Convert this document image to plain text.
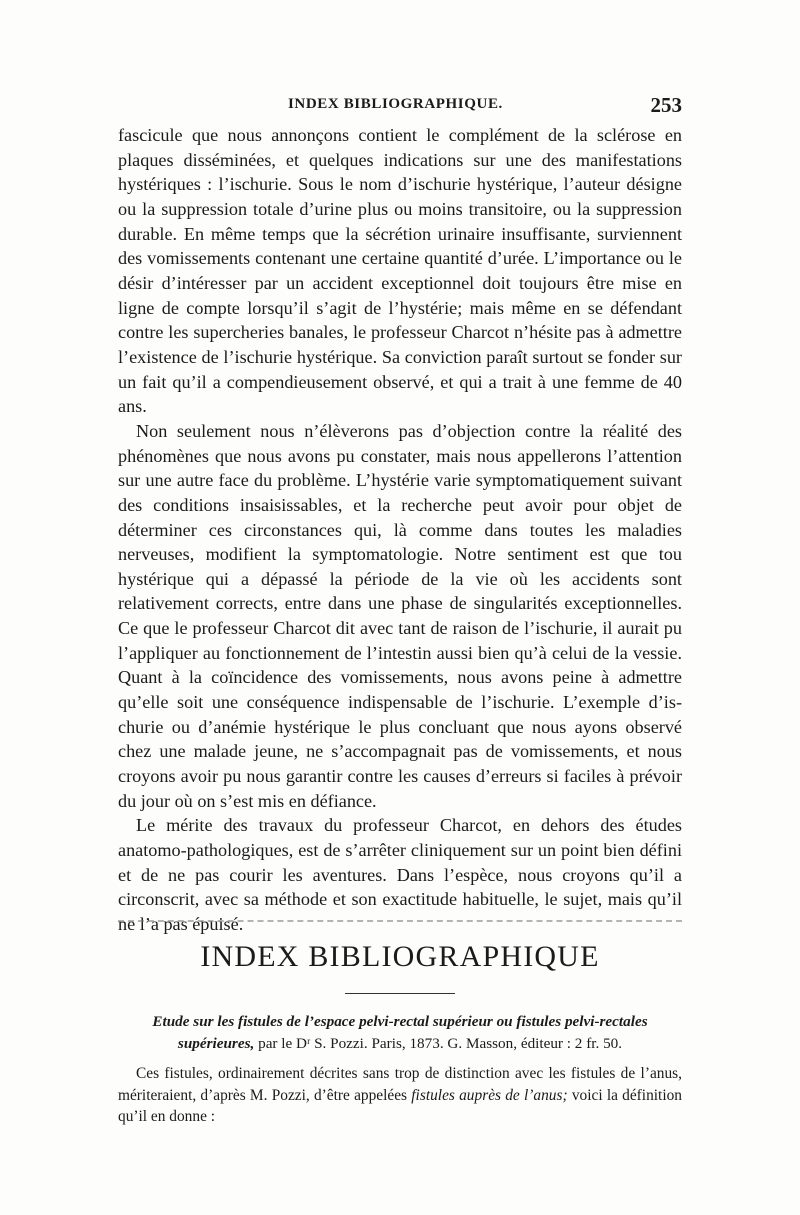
INDEX BIBLIOGRAPHIQUE.	253

fascicule que nous annonçons contient le complément de la sclérose en plaques disséminées, et quelques indications sur une des manifestations hystériques : l’ischurie. Sous le nom d’ischurie hystérique, l’auteur désigne ou la suppression totale d’urine plus ou moins transitoire, ou la suppression durable. En même temps que la sécrétion urinaire insuffisante, surviennent des vomissements contenant une certaine quantité d’urée. L’importance ou le désir d’intéresser par un accident exceptionnel doit toujours être mise en ligne de compte lorsqu’il s’agit de l’hystérie; mais même en se défendant contre les supercheries banales, le professeur Charcot n’hésite pas à admettre l’existence de l’ischurie hystérique. Sa conviction paraît surtout se fonder sur un fait qu’il a compendieusement observé, et qui a trait à une femme de 40 ans.

Non seulement nous n’élèverons pas d’objection contre la réalité des phénomènes que nous avons pu constater, mais nous appellerons l’attention sur une autre face du problème. L’hystérie varie symptomatiquement suivant des conditions insaisissables, et la recherche peut avoir pour objet de déterminer ces circonstances qui, là comme dans toutes les maladies nerveuses, modifient la symptomatologie. Notre sentiment est que tou hystérique qui a dépassé la période de la vie où les accidents sont relativement corrects, entre dans une phase de singularités exceptionnelles. Ce que le professeur Charcot dit avec tant de raison de l’ischurie, il aurait pu l’appliquer au fonctionnement de l’intestin aussi bien qu’à celui de la vessie. Quant à la coïncidence des vomissements, nous avons peine à admettre qu’elle soit une conséquence indispensable de l’ischurie. L’exemple d’ischurie ou d’anémie hystérique le plus concluant que nous ayons observé chez une malade jeune, ne s’accompagnait pas de vomissements, et nous croyons avoir pu nous garantir contre les causes d’erreurs si faciles à prévoir du jour où on s’est mis en défiance.

Le mérite des travaux du professeur Charcot, en dehors des études anatomo-pathologiques, est de s’arrêter cliniquement sur un point bien défini et de ne pas courir les aventures. Dans l’espèce, nous croyons qu’il a circonscrit, avec sa méthode et son exactitude habituelle, le sujet, mais qu’il ne l’a pas épuisé.

INDEX BIBLIOGRAPHIQUE
Etude sur les fistules de l’espace pelvi-rectal supérieur ou fistules pelvi-rectales supérieures, par le Dʳ S. Pozzi. Paris, 1873. G. Masson, éditeur : 2 fr. 50.

Ces fistules, ordinairement décrites sans trop de distinction avec les fistules de l’anus, mériteraient, d’après M. Pozzi, d’être appelées fistules auprès de l’anus; voici la définition qu’il en donne :
